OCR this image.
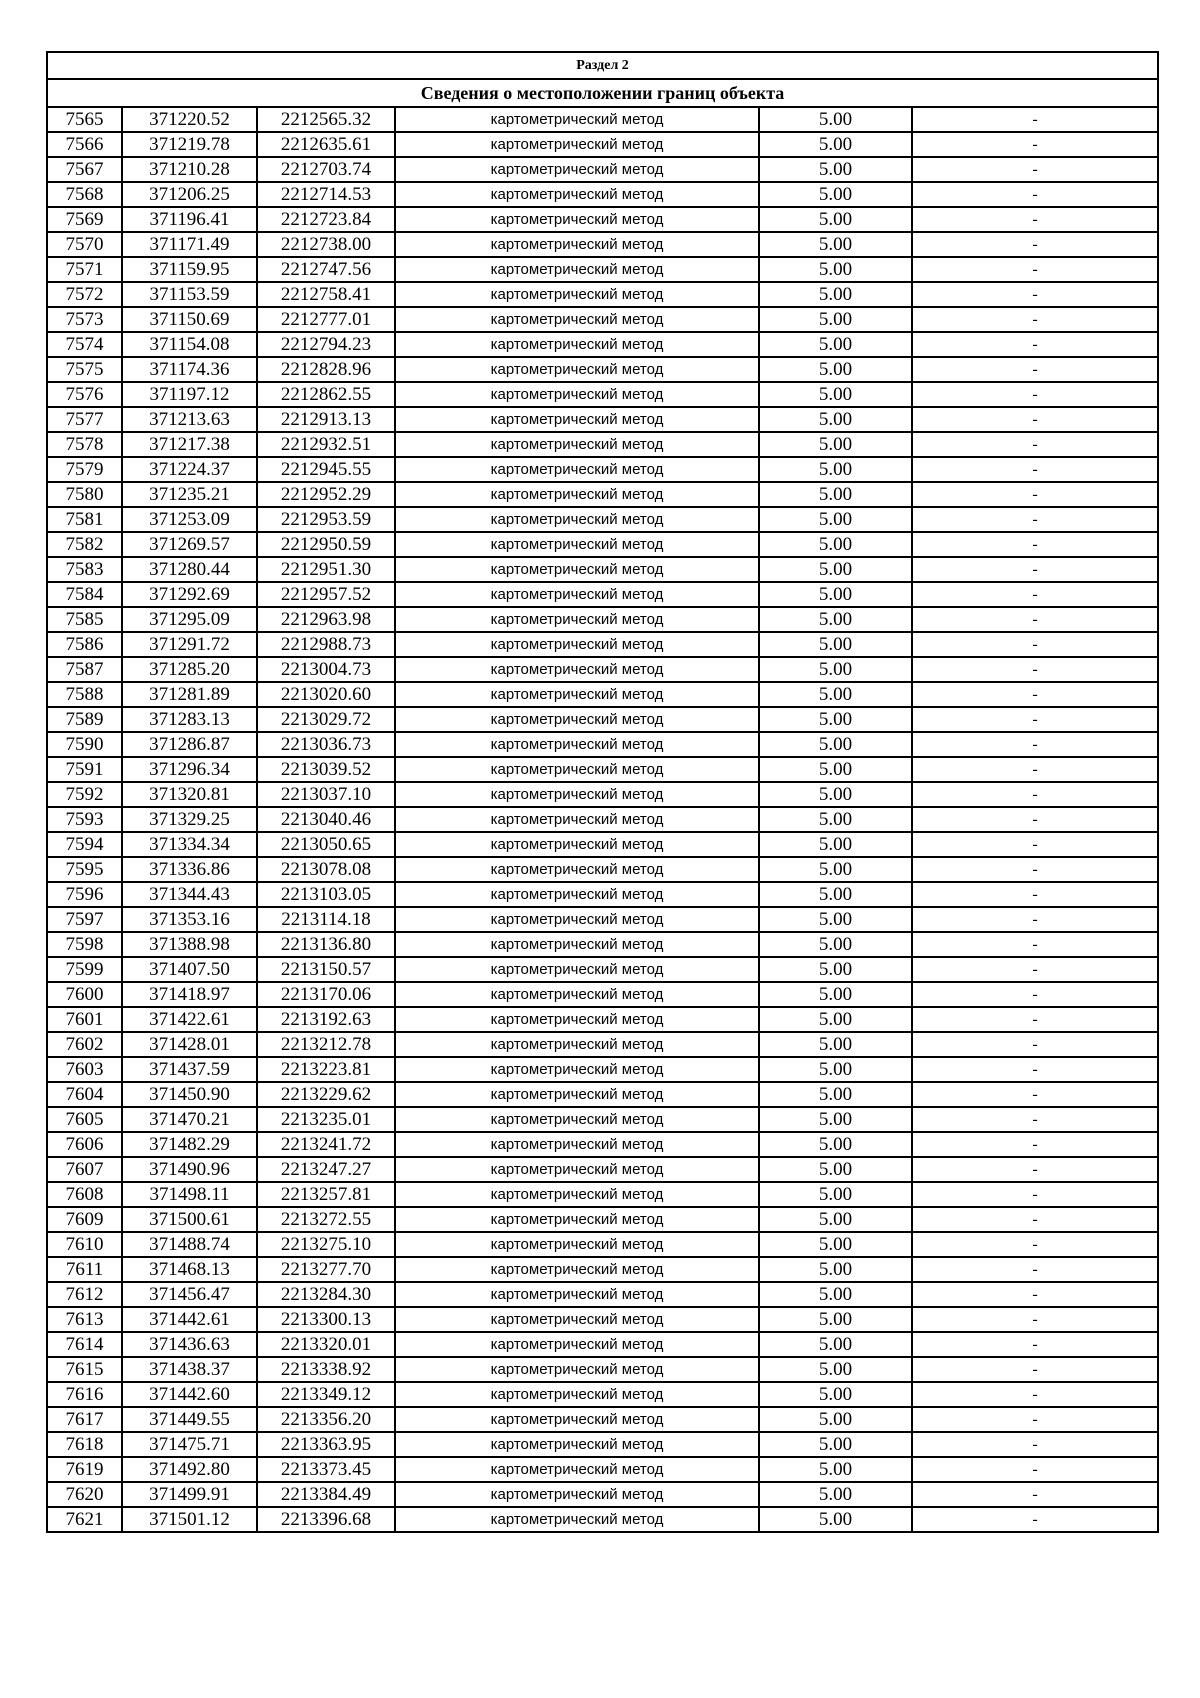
Раздел 2					
Сведения о местоположении границ объекта					
7565	371220.52	2212565.32	картометрический метод	5.00	-
7566	371219.78	2212635.61	картометрический метод	5.00	-
7567	371210.28	2212703.74	картометрический метод	5.00	-
7568	371206.25	2212714.53	картометрический метод	5.00	-
7569	371196.41	2212723.84	картометрический метод	5.00	-
7570	371171.49	2212738.00	картометрический метод	5.00	-
7571	371159.95	2212747.56	картометрический метод	5.00	-
7572	371153.59	2212758.41	картометрический метод	5.00	-
7573	371150.69	2212777.01	картометрический метод	5.00	-
7574	371154.08	2212794.23	картометрический метод	5.00	-
7575	371174.36	2212828.96	картометрический метод	5.00	-
7576	371197.12	2212862.55	картометрический метод	5.00	-
7577	371213.63	2212913.13	картометрический метод	5.00	-
7578	371217.38	2212932.51	картометрический метод	5.00	-
7579	371224.37	2212945.55	картометрический метод	5.00	-
7580	371235.21	2212952.29	картометрический метод	5.00	-
7581	371253.09	2212953.59	картометрический метод	5.00	-
7582	371269.57	2212950.59	картометрический метод	5.00	-
7583	371280.44	2212951.30	картометрический метод	5.00	-
7584	371292.69	2212957.52	картометрический метод	5.00	-
7585	371295.09	2212963.98	картометрический метод	5.00	-
7586	371291.72	2212988.73	картометрический метод	5.00	-
7587	371285.20	2213004.73	картометрический метод	5.00	-
7588	371281.89	2213020.60	картометрический метод	5.00	-
7589	371283.13	2213029.72	картометрический метод	5.00	-
7590	371286.87	2213036.73	картометрический метод	5.00	-
7591	371296.34	2213039.52	картометрический метод	5.00	-
7592	371320.81	2213037.10	картометрический метод	5.00	-
7593	371329.25	2213040.46	картометрический метод	5.00	-
7594	371334.34	2213050.65	картометрический метод	5.00	-
7595	371336.86	2213078.08	картометрический метод	5.00	-
7596	371344.43	2213103.05	картометрический метод	5.00	-
7597	371353.16	2213114.18	картометрический метод	5.00	-
7598	371388.98	2213136.80	картометрический метод	5.00	-
7599	371407.50	2213150.57	картометрический метод	5.00	-
7600	371418.97	2213170.06	картометрический метод	5.00	-
7601	371422.61	2213192.63	картометрический метод	5.00	-
7602	371428.01	2213212.78	картометрический метод	5.00	-
7603	371437.59	2213223.81	картометрический метод	5.00	-
7604	371450.90	2213229.62	картометрический метод	5.00	-
7605	371470.21	2213235.01	картометрический метод	5.00	-
7606	371482.29	2213241.72	картометрический метод	5.00	-
7607	371490.96	2213247.27	картометрический метод	5.00	-
7608	371498.11	2213257.81	картометрический метод	5.00	-
7609	371500.61	2213272.55	картометрический метод	5.00	-
7610	371488.74	2213275.10	картометрический метод	5.00	-
7611	371468.13	2213277.70	картометрический метод	5.00	-
7612	371456.47	2213284.30	картометрический метод	5.00	-
7613	371442.61	2213300.13	картометрический метод	5.00	-
7614	371436.63	2213320.01	картометрический метод	5.00	-
7615	371438.37	2213338.92	картометрический метод	5.00	-
7616	371442.60	2213349.12	картометрический метод	5.00	-
7617	371449.55	2213356.20	картометрический метод	5.00	-
7618	371475.71	2213363.95	картометрический метод	5.00	-
7619	371492.80	2213373.45	картометрический метод	5.00	-
7620	371499.91	2213384.49	картометрический метод	5.00	-
7621	371501.12	2213396.68	картометрический метод	5.00	-
